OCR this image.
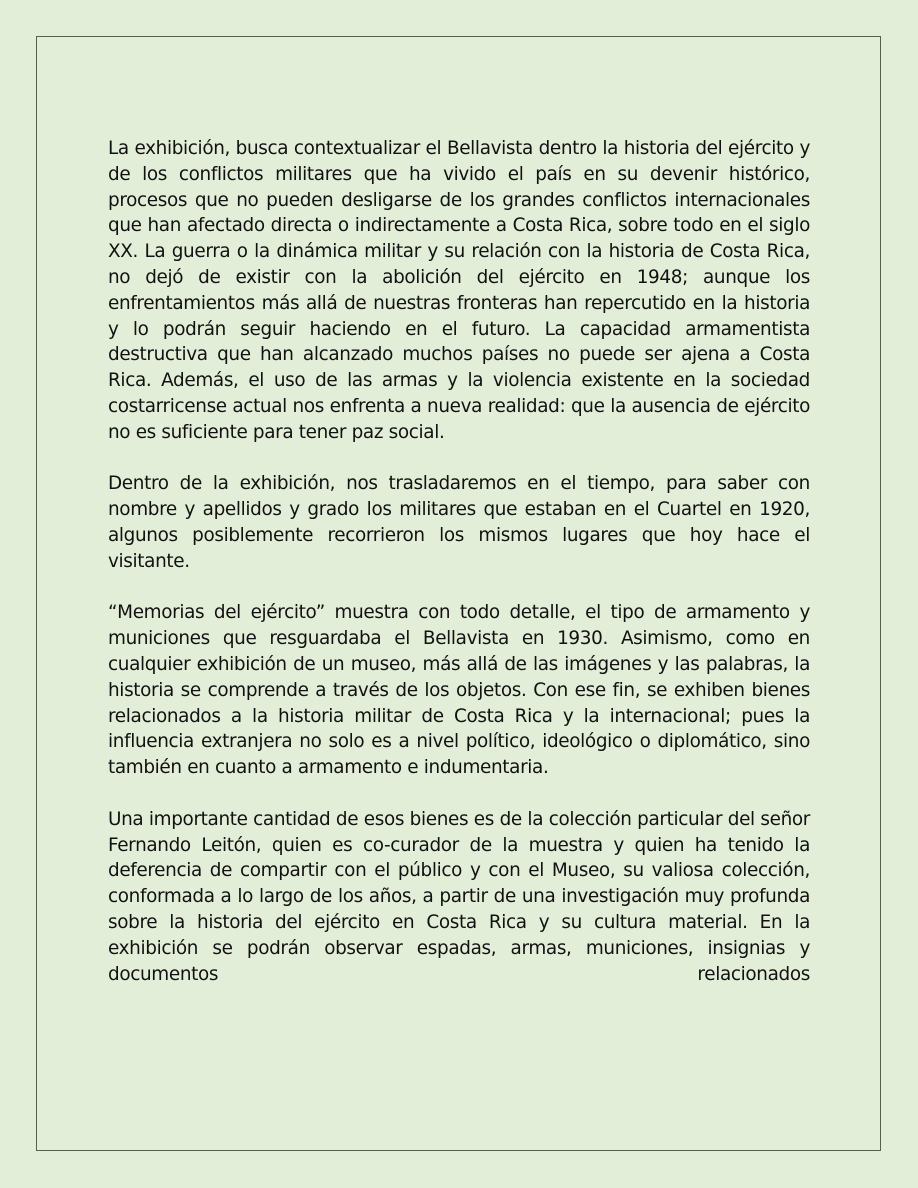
La exhibición, busca contextualizar el Bellavista dentro la historia del ejército y de los conflictos militares que ha vivido el país en su devenir histórico, procesos que no pueden desligarse de los grandes conflictos internacionales que han afectado directa o indirectamente a Costa Rica, sobre todo en el siglo XX. La guerra o la dinámica militar y su relación con la historia de Costa Rica, no dejó de existir con la abolición del ejército en 1948; aunque los enfrentamientos más allá de nuestras fronteras han repercutido en la historia y lo podrán seguir haciendo en el futuro. La capacidad armamentista destructiva que han alcanzado muchos países no puede ser ajena a Costa Rica. Además, el uso de las armas y la violencia existente en la sociedad costarricense actual nos enfrenta a nueva realidad: que la ausencia de ejército no es suficiente para tener paz social.

Dentro de la exhibición, nos trasladaremos en el tiempo, para saber con nombre y apellidos y grado los militares que estaban en el Cuartel en 1920, algunos posiblemente recorrieron los mismos lugares que hoy hace el visitante.

“Memorias del ejército” muestra con todo detalle, el tipo de armamento y municiones que resguardaba el Bellavista en 1930. Asimismo, como en cualquier exhibición de un museo, más allá de las imágenes y las palabras, la historia se comprende a través de los objetos. Con ese fin, se exhiben bienes relacionados a la historia militar de Costa Rica y la internacional; pues la influencia extranjera no solo es a nivel político, ideológico o diplomático, sino también en cuanto a armamento e indumentaria.

Una importante cantidad de esos bienes es de la colección particular del señor Fernando Leitón, quien es co-curador de la muestra y quien ha tenido la deferencia de compartir con el público y con el Museo, su valiosa colección, conformada a lo largo de los años, a partir de una investigación muy profunda sobre la historia del ejército en Costa Rica y su cultura material. En la exhibición se podrán observar espadas, armas, municiones, insignias y documentos relacionados
